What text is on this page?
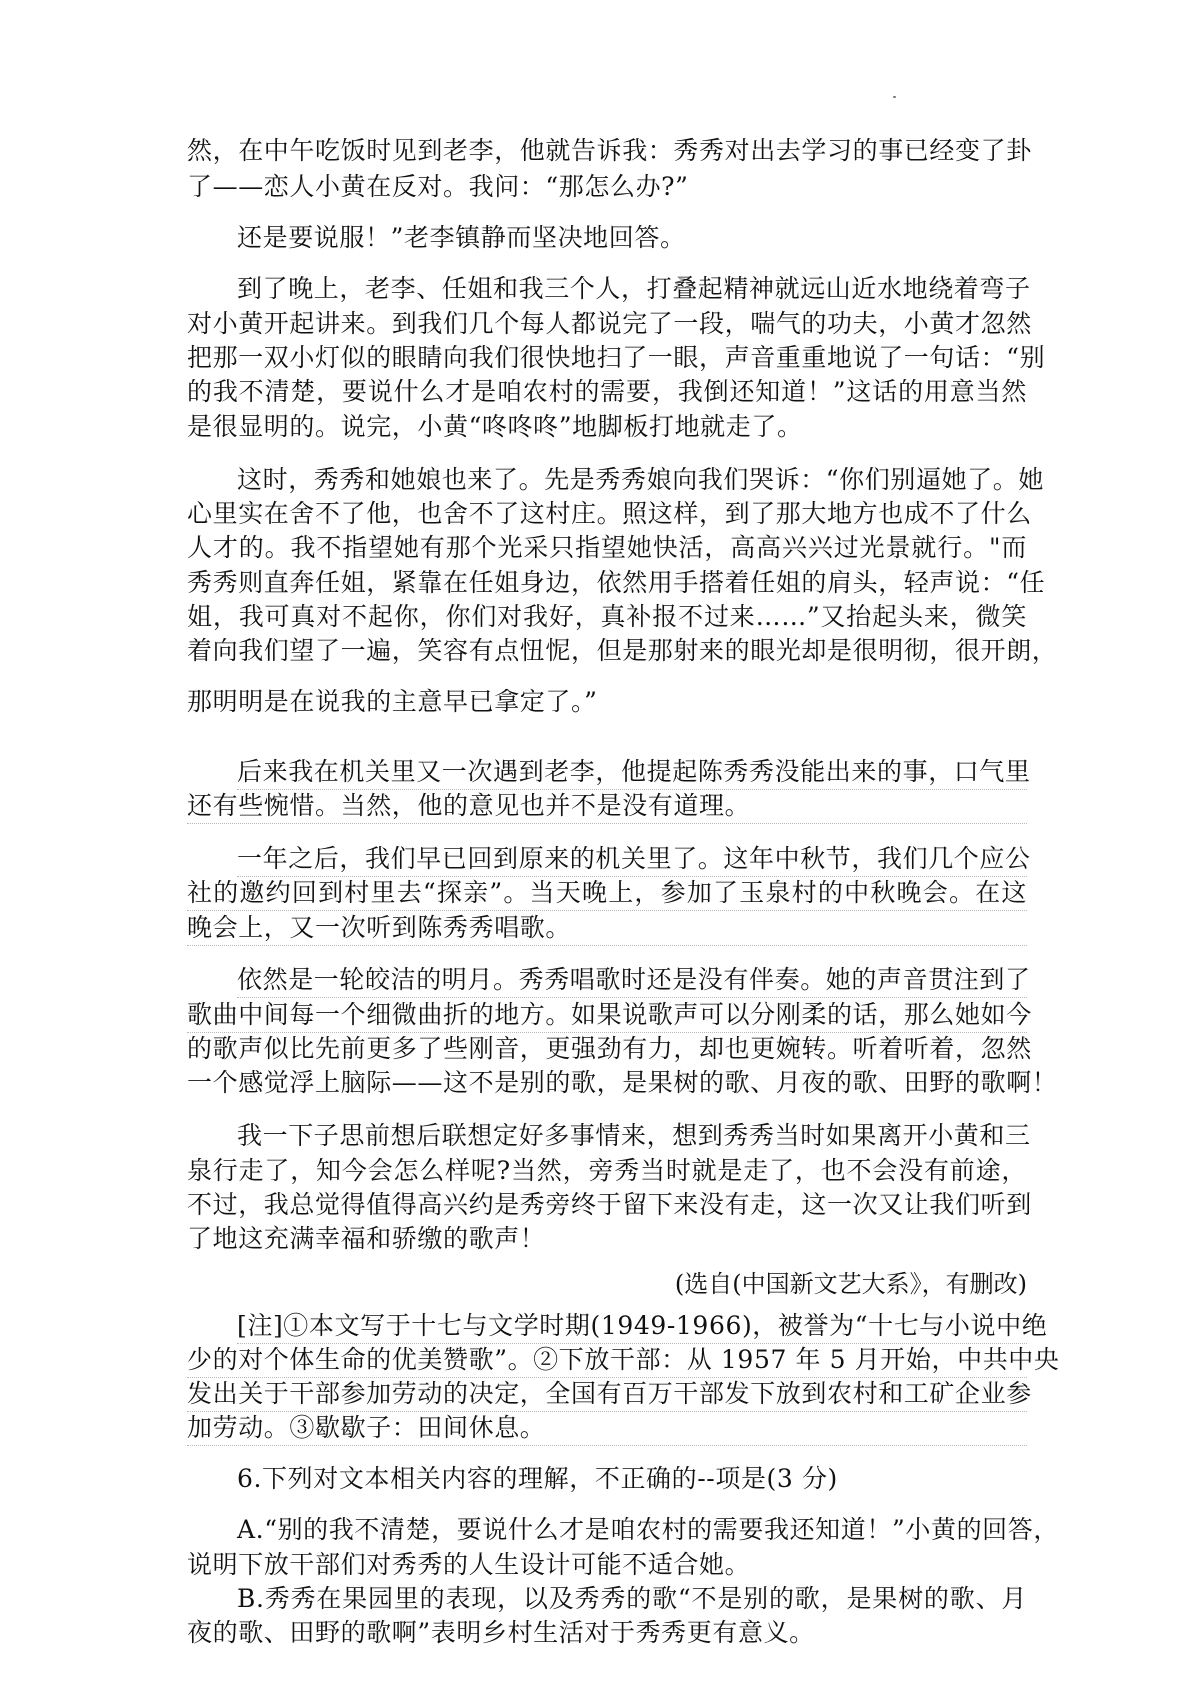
然，在中午吃饭时见到老李，他就告诉我：秀秀对出去学习的事已经变了卦
了——恋人小黄在反对。我问：“那怎么办?”
还是要说服！”老李镇静而坚决地回答。
到了晚上，老李、任姐和我三个人，打叠起精神就远山近水地绕着弯子
对小黄开起讲来。到我们几个每人都说完了一段，喘气的功夫，小黄才忽然
把那一双小灯似的眼睛向我们很快地扫了一眼，声音重重地说了一句话：“别
的我不清楚，要说什么才是咱农村的需要，我倒还知道！”这话的用意当然
是很显明的。说完，小黄“咚咚咚”地脚板打地就走了。
这时，秀秀和她娘也来了。先是秀秀娘向我们哭诉：“你们别逼她了。她
心里实在舍不了他，也舍不了这村庄。照这样，到了那大地方也成不了什么
人才的。我不指望她有那个光采只指望她快活，高高兴兴过光景就行。"而
秀秀则直奔任姐，紧靠在任姐身边，依然用手搭着任姐的肩头，轻声说：“任
姐，我可真对不起你，你们对我好，真补报不过来……”又抬起头来，微笑
着向我们望了一遍，笑容有点忸怩，但是那射来的眼光却是很明彻，很开朗，
那明明是在说我的主意早已拿定了。”
后来我在机关里又一次遇到老李，他提起陈秀秀没能出来的事，口气里
还有些惋惜。当然，他的意见也并不是没有道理。
一年之后，我们早已回到原来的机关里了。这年中秋节，我们几个应公
社的邀约回到村里去“探亲”。当天晚上，参加了玉泉村的中秋晚会。在这
晚会上，又一次听到陈秀秀唱歌。
依然是一轮皎洁的明月。秀秀唱歌时还是没有伴奏。她的声音贯注到了
歌曲中间每一个细微曲折的地方。如果说歌声可以分刚柔的话，那么她如今
的歌声似比先前更多了些刚音，更强劲有力，却也更婉转。听着听着，忽然
一个感觉浮上脑际——这不是别的歌，是果树的歌、月夜的歌、田野的歌啊！
我一下子思前想后联想定好多事情来，想到秀秀当时如果离开小黄和三
泉行走了，知今会怎么样呢?当然，旁秀当时就是走了，也不会没有前途，
不过，我总觉得值得高兴约是秀旁终于留下来没有走，这一次又让我们听到
了地这充满幸福和骄缴的歌声！
(选自(中国新文艺大系》，有删改)
[注]①本文写于十七与文学时期(1949-1966)，被誉为“十七与小说中绝
少的对个体生命的优美赞歌”。②下放干部：从 1957 年 5 月开始，中共中央
发出关于干部参加劳动的决定，全国有百万干部发下放到农村和工矿企业参
加劳动。③歇歇子：田间休息。
6.下列对文本相关内容的理解，不正确的--项是(3 分)
A.“别的我不清楚，要说什么才是咱农村的需要我还知道！”小黄的回答，
说明下放干部们对秀秀的人生设计可能不适合她。
B.秀秀在果园里的表现，以及秀秀的歌“不是别的歌，是果树的歌、月
夜的歌、田野的歌啊”表明乡村生活对于秀秀更有意义。
